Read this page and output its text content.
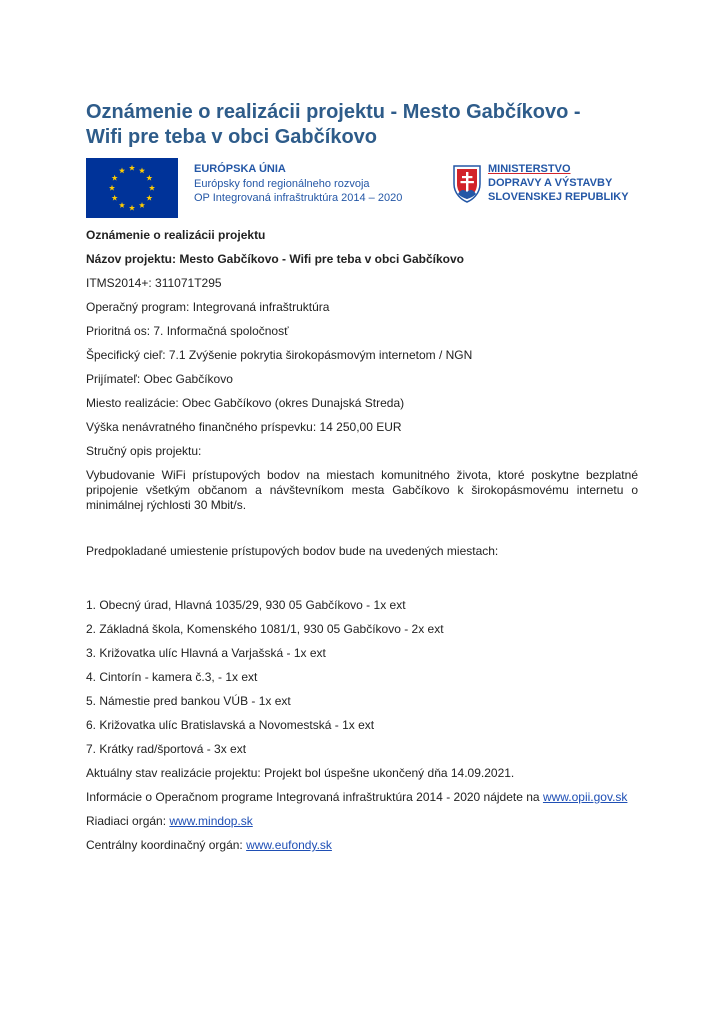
Oznámenie o realizácii projektu - Mesto Gabčíkovo -
Wifi pre teba v obci Gabčíkovo
EURÓPSKA ÚNIA
Európsky fond regionálneho rozvoja
OP Integrovaná infraštruktúra 2014 – 2020
MINISTERSTVO
DOPRAVY A VÝSTAVBY
SLOVENSKEJ REPUBLIKY

Oznámenie o realizácii projektu

Názov projektu: Mesto Gabčíkovo - Wifi pre teba v obci Gabčíkovo

ITMS2014+: 311071T295

Operačný program: Integrovaná infraštruktúra

Prioritná os: 7. Informačná spoločnosť

Špecifický cieľ: 7.1 Zvýšenie pokrytia širokopásmovým internetom / NGN

Prijímateľ: Obec Gabčíkovo

Miesto realizácie: Obec Gabčíkovo (okres Dunajská Streda)

Výška nenávratného finančného príspevku: 14 250,00 EUR

Stručný opis projektu:

Vybudovanie WiFi prístupových bodov na miestach komunitného života, ktoré poskytne bezplatné pripojenie všetkým občanom a návštevníkom mesta Gabčíkovo k širokopásmovému internetu o minimálnej rýchlosti 30 Mbit/s.

Predpokladané umiestenie prístupových bodov bude na uvedených miestach:

1. Obecný úrad, Hlavná 1035/29, 930 05 Gabčíkovo - 1x ext

2. Základná škola, Komenského 1081/1, 930 05 Gabčíkovo - 2x ext

3. Križovatka ulíc Hlavná a Varjašská - 1x ext

4. Cintorín - kamera č.3, - 1x ext

5. Námestie pred bankou VÚB - 1x ext

6. Križovatka ulíc Bratislavská a Novomestská - 1x ext

7. Krátky rad/športová - 3x ext

Aktuálny stav realizácie projektu: Projekt bol úspešne ukončený dňa 14.09.2021.

Informácie o Operačnom programe Integrovaná infraštruktúra 2014 - 2020 nájdete na www.opii.gov.sk

Riadiaci orgán: www.mindop.sk

Centrálny koordinačný orgán: www.eufondy.sk
